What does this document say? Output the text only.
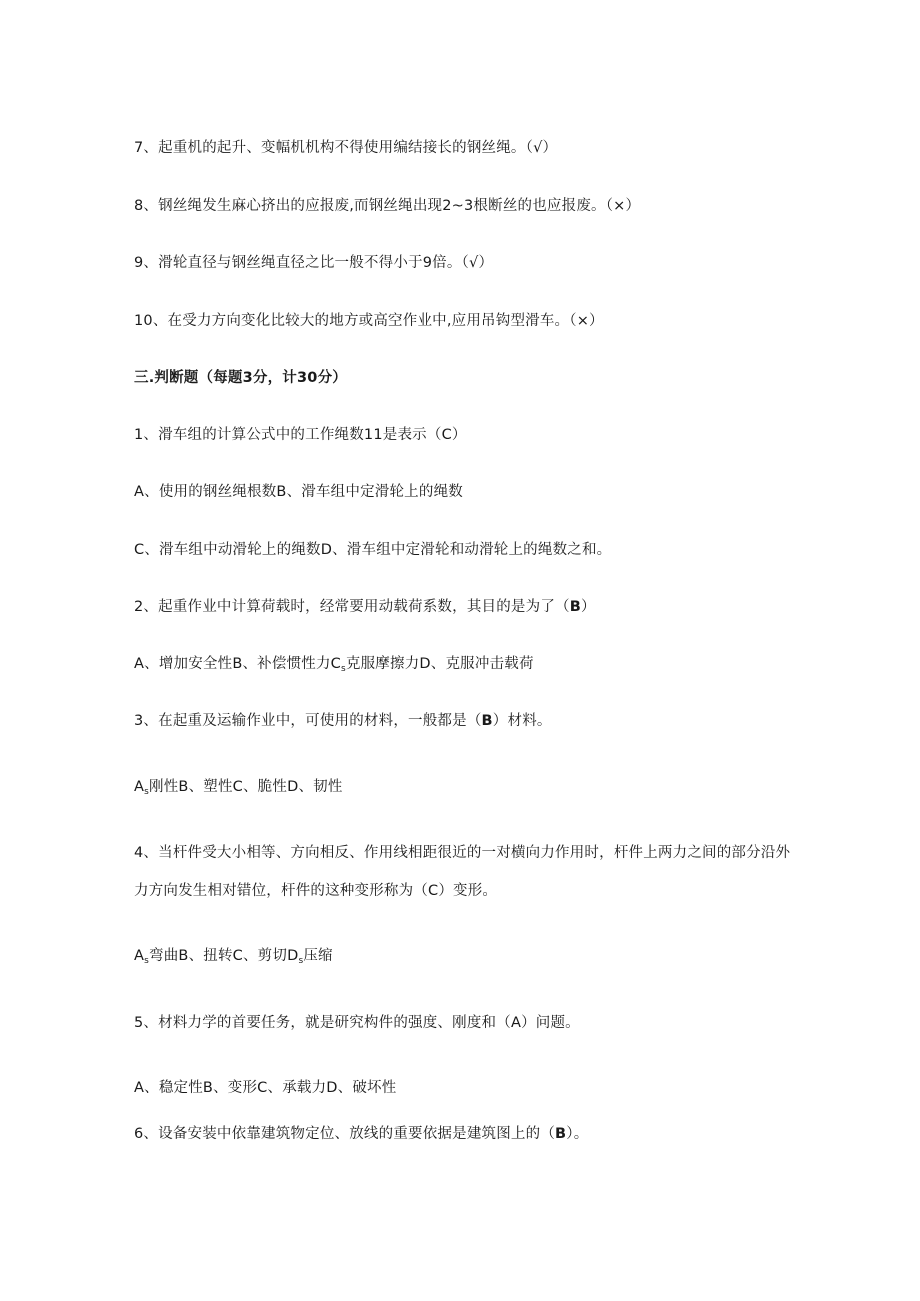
7、起重机的起升、变幅机机构不得使用编结接长的钢丝绳。（√）
8、钢丝绳发生麻心挤出的应报废,而钢丝绳出现2~3根断丝的也应报废。（×）
9、滑轮直径与钢丝绳直径之比一般不得小于9倍。（√）
10、在受力方向变化比较大的地方或高空作业中,应用吊钩型滑车。（×）
三.判断题（每题3分，计30分）
1、滑车组的计算公式中的工作绳数11是表示（C）
A、使用的钢丝绳根数B、滑车组中定滑轮上的绳数
C、滑车组中动滑轮上的绳数D、滑车组中定滑轮和动滑轮上的绳数之和。
2、起重作业中计算荷载时，经常要用动载荷系数，其目的是为了（B）
A、增加安全性B、补偿惯性力$C_s$克服摩擦力D、克服冲击载荷
3、在起重及运输作业中，可使用的材料，一般都是（B）材料。
$A_s$刚性B、塑性C、脆性D、韧性
4、当杆件受大小相等、方向相反、作用线相距很近的一对横向力作用时，杆件上两力之间的部分沿外
力方向发生相对错位，杆件的这种变形称为（C）变形。
$A_s$弯曲B、扭转C、剪切$D_s$压缩
5、材料力学的首要任务，就是研究构件的强度、刚度和（A）问题。
A、稳定性B、变形C、承载力D、破坏性
6、设备安装中依靠建筑物定位、放线的重要依据是建筑图上的（B）。
